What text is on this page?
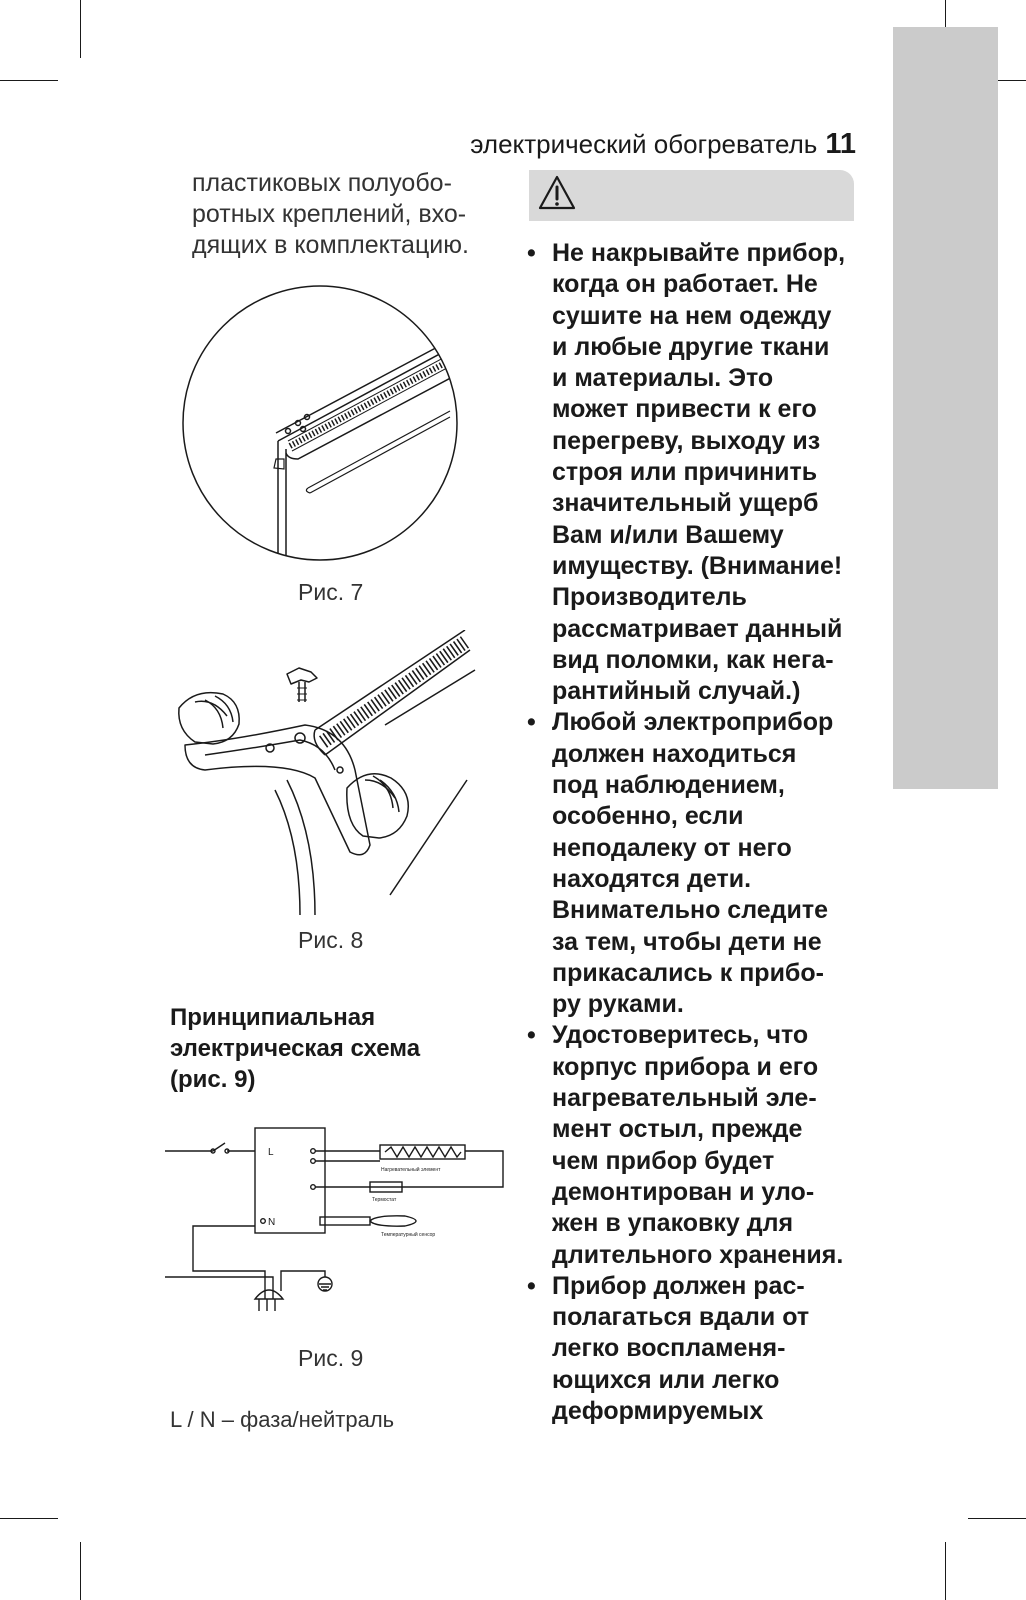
электрический обогреватель 11
пластиковых полуобо-
ротных креплений, вхо-
дящих в комплектацию.
Рис. 7
Рис. 8
Принципиальная
электрическая схема
(рис. 9)
L
N
Нагревательный элемент
Термостат
Температурный сенсор
Рис. 9
L / N – фаза/нейтраль
• Не накрывайте прибор,
когда он работает. Не
сушите на нем одежду
и любые другие ткани
и материалы. Это
может привести к его
перегреву, выходу из
строя или причинить
значительный ущерб
Вам и/или Вашему
имуществу. (Внимание!
Производитель
рассматривает данный
вид поломки, как нега-
рантийный случай.)
• Любой электроприбор
должен находиться
под наблюдением,
особенно, если
неподалеку от него
находятся дети.
Внимательно следите
за тем, чтобы дети не
прикасались к прибо-
ру руками.
• Удостоверитесь, что
корпус прибора и его
нагревательный эле-
мент остыл, прежде
чем прибор будет
демонтирован и уло-
жен в упаковку для
длительного хранения.
• Прибор должен рас-
полагаться вдали от
легко воспламеня-
ющихся или легко
деформируемых
